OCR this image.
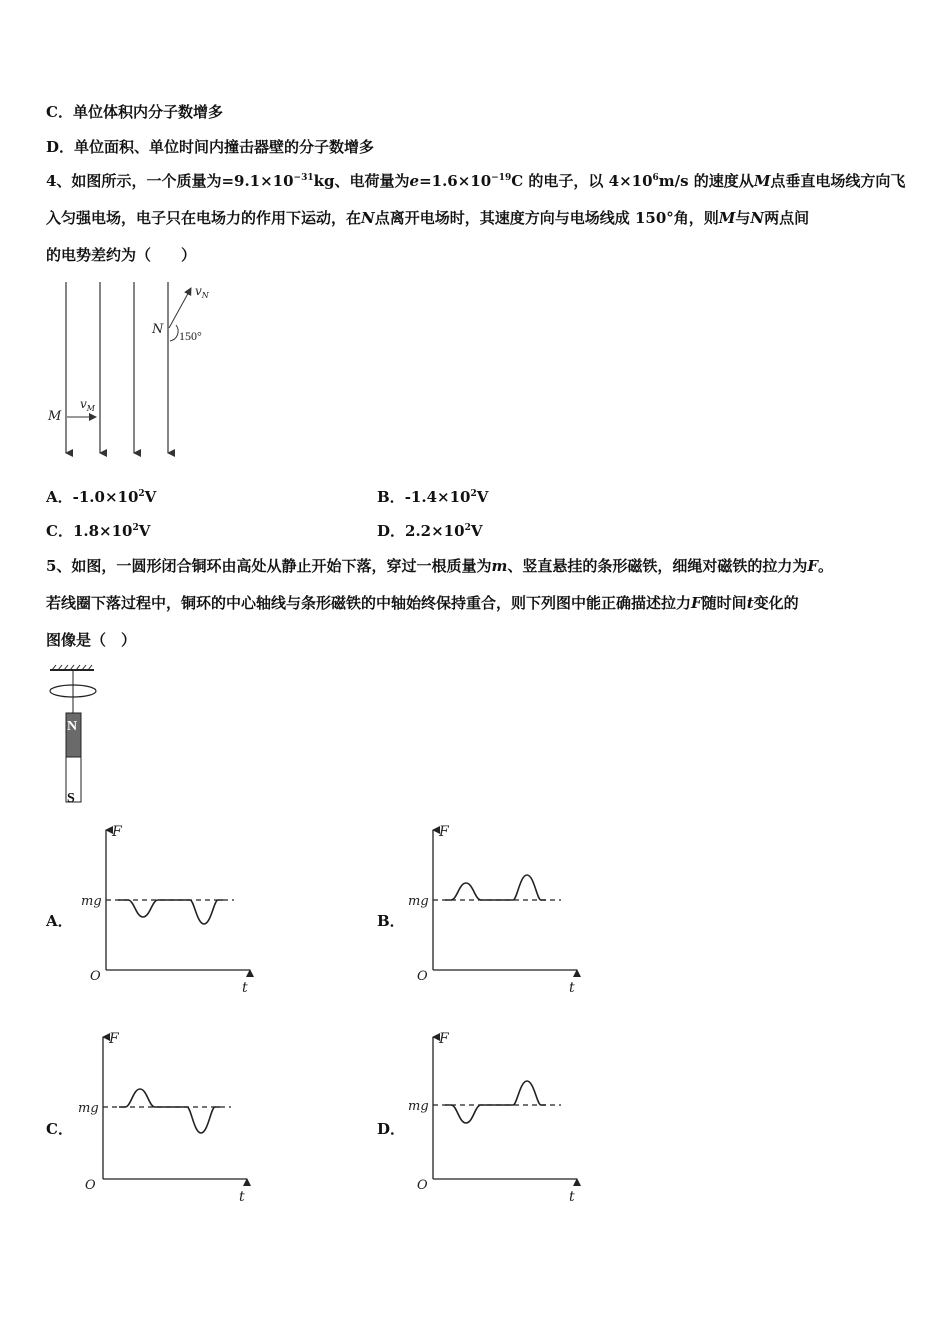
C．单位体积内分子数增多
D．单位面积、单位时间内撞击器壁的分子数增多
4、如图所示，一个质量为$=9.1\times 10^{-31}kg$、电荷量为$e=1.6\times 10^{-19}C$ 的电子，以 $4\times 10^6m/s$ 的速度从M点垂直电场线方向飞
入匀强电场，电子只在电场力的作用下运动，在N点离开电场时，其速度方向与电场线成 150°角，则M与N两点间
的电势差约为（　　）
M
$v_M$
$v_N$
N 150°
A．$-1.0\times 10^2V$	B．$-1.4\times 10^2V$
C．$1.8\times 10^2V$	D．$2.2\times 10^2V$
5、如图，一圆形闭合铜环由高处从静止开始下落，穿过一根质量为m、竖直悬挂的条形磁铁，细绳对磁铁的拉力为F。
若线圈下落过程中，铜环的中心轴线与条形磁铁的中轴始终保持重合，则下列图中能正确描述拉力F随时间t变化的
图像是（　）
N
S
A．	B．
C．	D．
F
t
O
mg
F
t
O
mg
F
t
O
mg
F
t
O
mg
